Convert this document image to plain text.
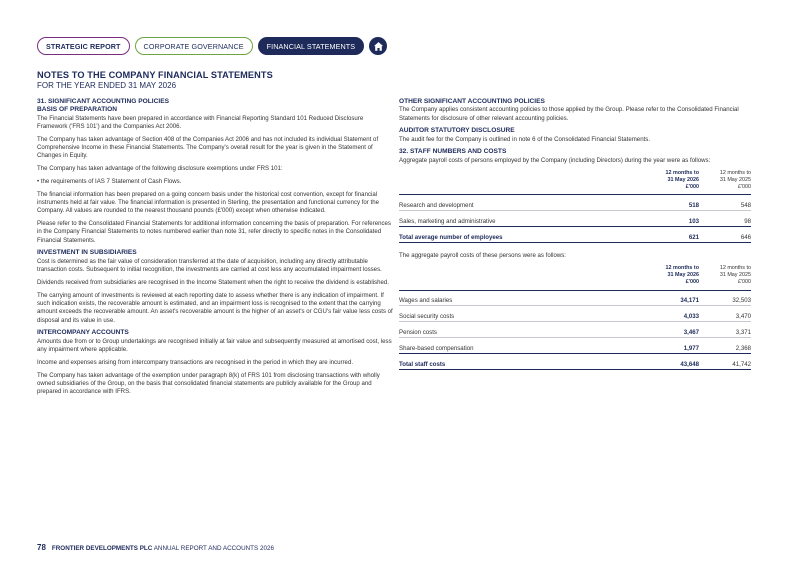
STRATEGIC REPORT	CORPORATE GOVERNANCE	FINANCIAL STATEMENTS
NOTES TO THE COMPANY FINANCIAL STATEMENTS
FOR THE YEAR ENDED 31 MAY 2026
31. SIGNIFICANT ACCOUNTING POLICIES
BASIS OF PREPARATION

The Financial Statements have been prepared in accordance with Financial Reporting Standard 101 Reduced Disclosure Framework ('FRS 101') and the Companies Act 2006.

The Company has taken advantage of Section 408 of the Companies Act 2006 and has not included its individual Statement of Comprehensive Income in these Financial Statements. The Company's overall result for the year is given in the Statement of Changes in Equity.

The Company has taken advantage of the following disclosure exemptions under FRS 101:

• the requirements of IAS 7 Statement of Cash Flows.

The financial information has been prepared on a going concern basis under the historical cost convention, except for financial instruments held at fair value. The financial information is presented in Sterling, the presentation and functional currency for the Company. All values are rounded to the nearest thousand pounds (£'000) except when otherwise indicated.

Please refer to the Consolidated Financial Statements for additional information concerning the basis of preparation. For references in the Company Financial Statements to notes numbered earlier than note 31, refer directly to specific notes in the Consolidated Financial Statements.

INVESTMENT IN SUBSIDIARIES

Cost is determined as the fair value of consideration transferred at the date of acquisition, including any directly attributable transaction costs. Subsequent to initial recognition, the investments are carried at cost less any accumulated impairment losses.

Dividends received from subsidiaries are recognised in the Income Statement when the right to receive the dividend is established.

The carrying amount of investments is reviewed at each reporting date to assess whether there is any indication of impairment. If such indication exists, the recoverable amount is estimated, and an impairment loss is recognised to the extent that the carrying amount exceeds the recoverable amount. An asset's recoverable amount is the higher of an asset's or CGU's fair value less costs of disposal and its value in use.

INTERCOMPANY ACCOUNTS

Amounts due from or to Group undertakings are recognised initially at fair value and subsequently measured at amortised cost, less any impairment where applicable.

Income and expenses arising from intercompany transactions are recognised in the period in which they are incurred.

The Company has taken advantage of the exemption under paragraph 8(k) of FRS 101 from disclosing transactions with wholly owned subsidiaries of the Group, on the basis that consolidated financial statements are publicly available for the Group and prepared in accordance with IFRS.

OTHER SIGNIFICANT ACCOUNTING POLICIES

The Company applies consistent accounting policies to those applied by the Group. Please refer to the Consolidated Financial Statements for disclosure of other relevant accounting policies.

AUDITOR STATUTORY DISCLOSURE

The audit fee for the Company is outlined in note 6 of the Consolidated Financial Statements.

32. STAFF NUMBERS AND COSTS

Aggregate payroll costs of persons employed by the Company (including Directors) during the year were as follows:

	12 months to
31 May 2026
£'000	12 months to
31 May 2025
£'000
Research and development	518	548
Sales, marketing and administrative	103	98
Total average number of employees	621	646

The aggregate payroll costs of these persons were as follows:

	12 months to
31 May 2026
£'000	12 months to
31 May 2025
£'000
Wages and salaries	34,171	32,503
Social security costs	4,033	3,470
Pension costs	3,467	3,371
Share-based compensation	1,977	2,368
Total staff costs	43,648	41,742
78 FRONTIER DEVELOPMENTS PLC ANNUAL REPORT AND ACCOUNTS 2026
